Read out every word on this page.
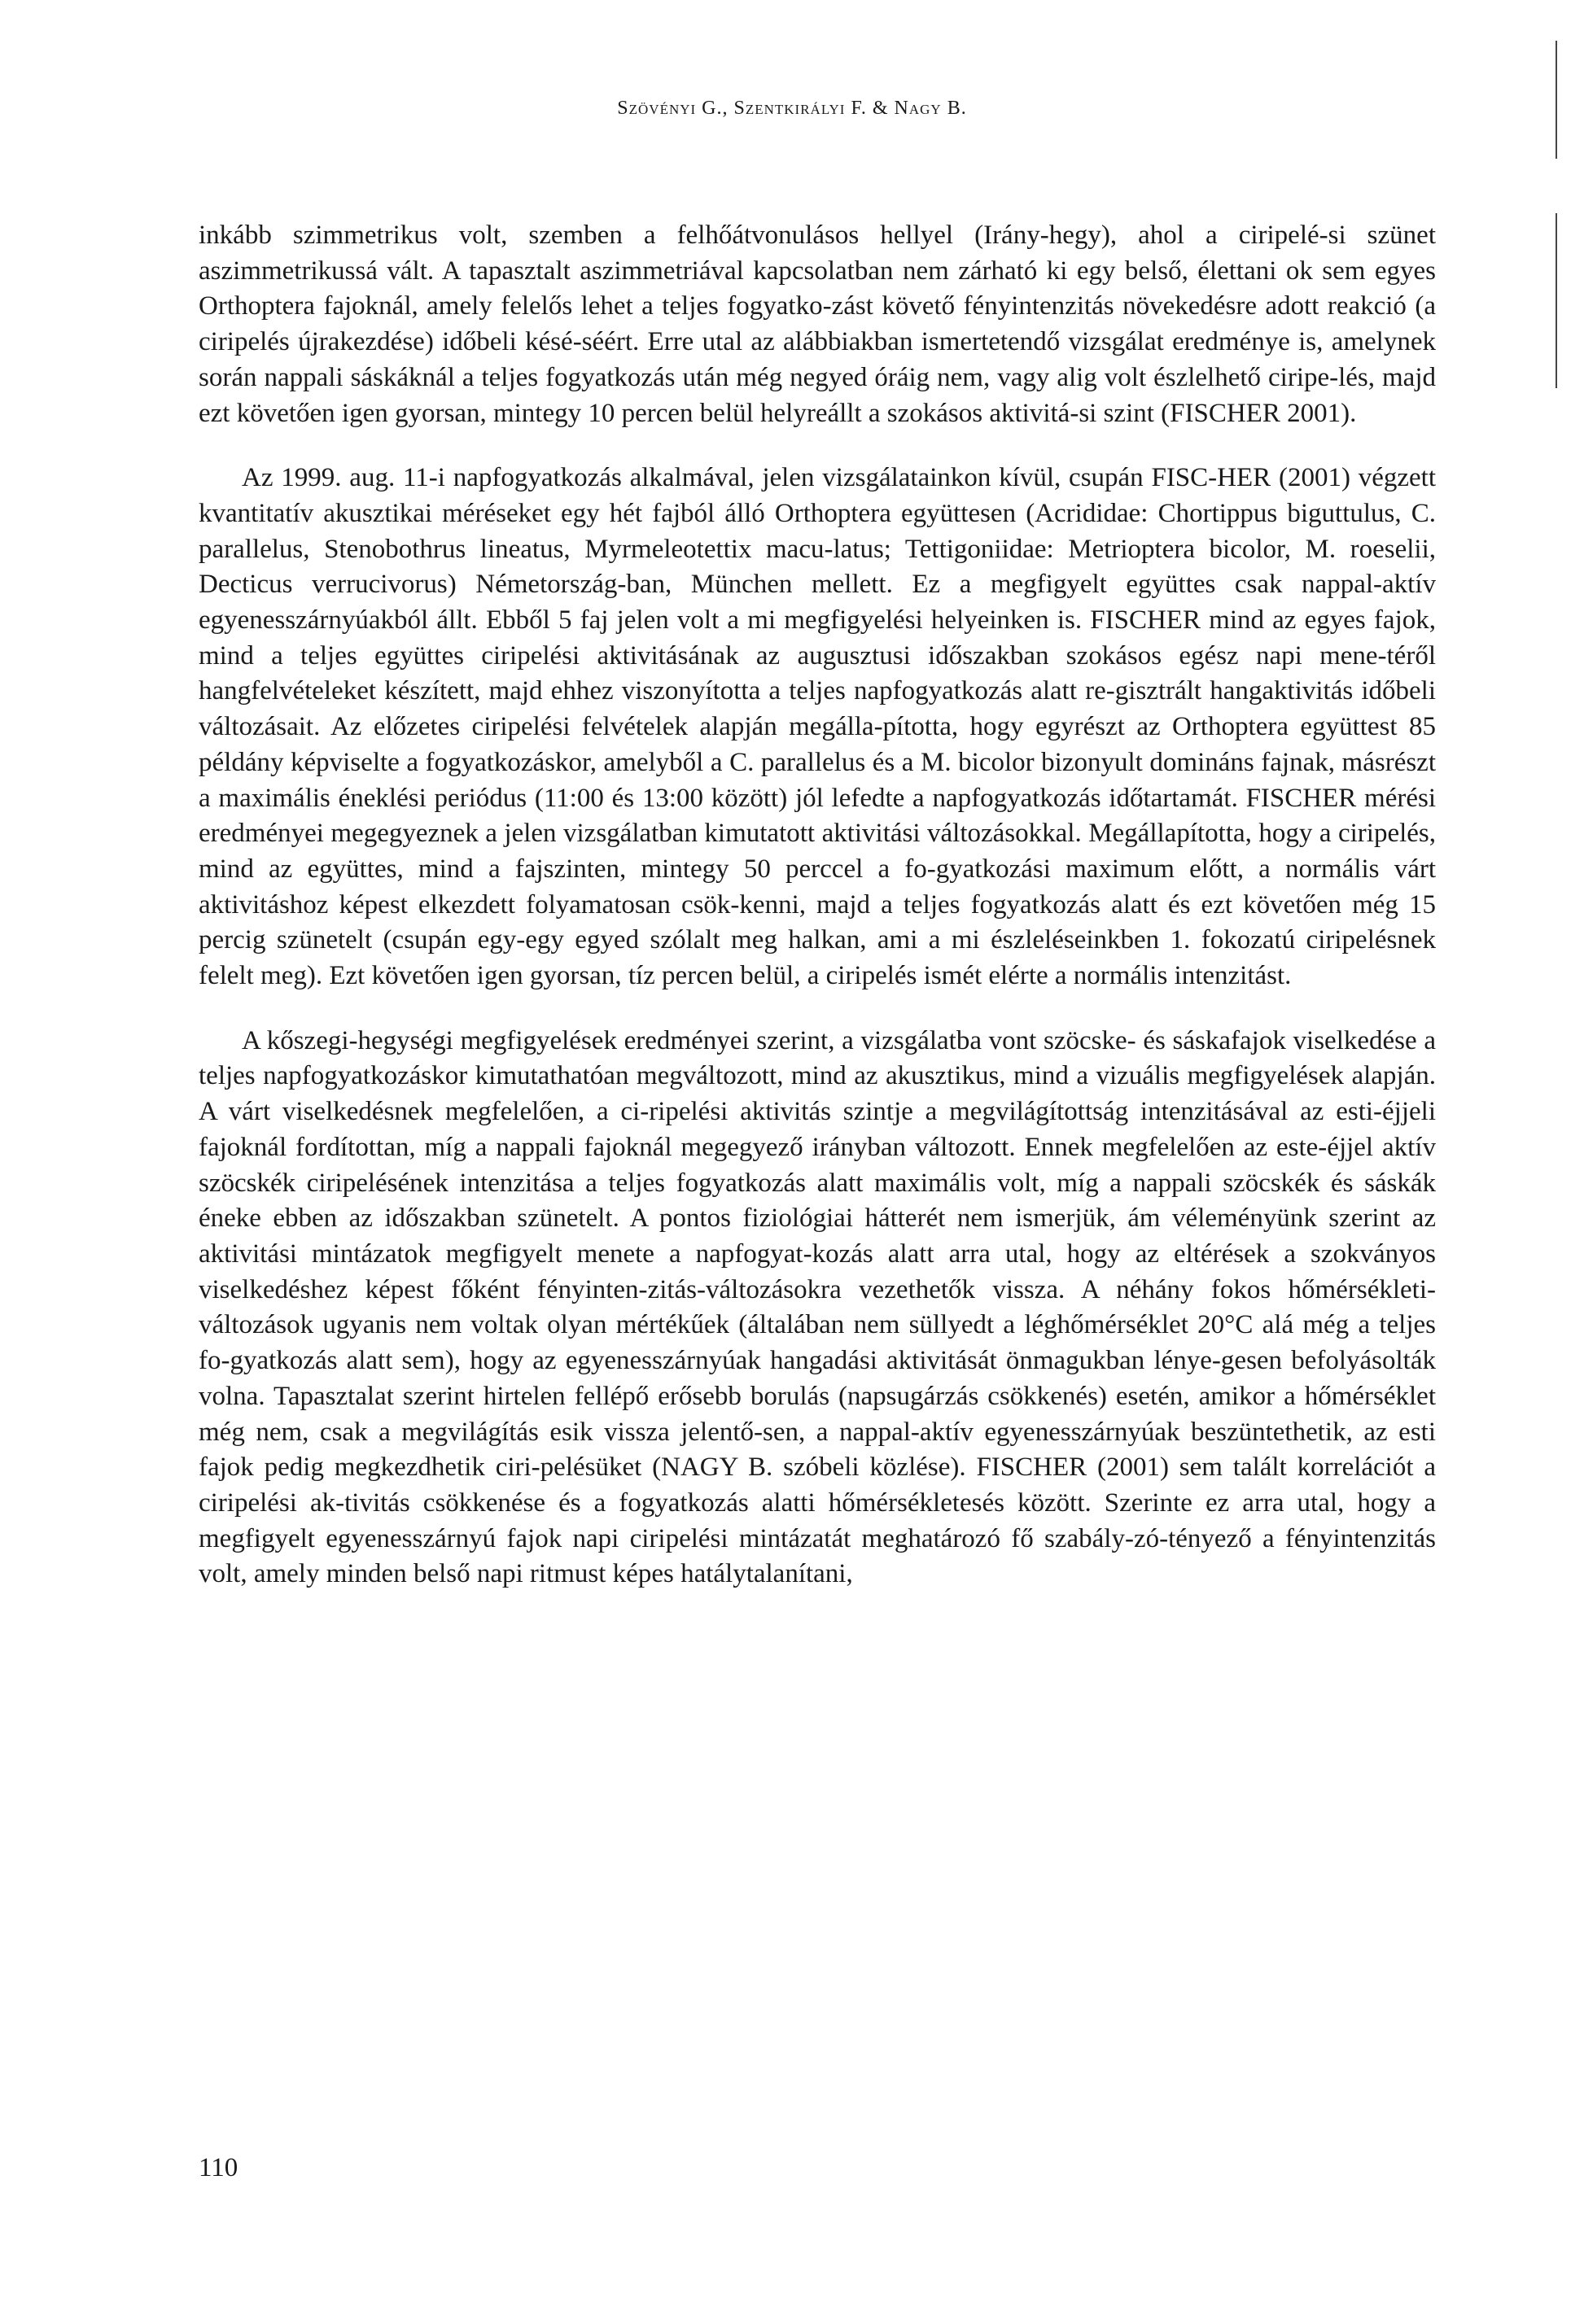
Szövényi G., Szentkirályi F. & Nagy B.

inkább szimmetrikus volt, szemben a felhőátvonulásos hellyel (Irány-hegy), ahol a ciripelé-si szünet aszimmetrikussá vált. A tapasztalt aszimmetriával kapcsolatban nem zárható ki egy belső, élettani ok sem egyes Orthoptera fajoknál, amely felelős lehet a teljes fogyatko-zást követő fényintenzitás növekedésre adott reakció (a ciripelés újrakezdése) időbeli késé-séért. Erre utal az alábbiakban ismertetendő vizsgálat eredménye is, amelynek során nappali sáskáknál a teljes fogyatkozás után még negyed óráig nem, vagy alig volt észlelhető ciripe-lés, majd ezt követően igen gyorsan, mintegy 10 percen belül helyreállt a szokásos aktivitá-si szint (FISCHER 2001).

Az 1999. aug. 11-i napfogyatkozás alkalmával, jelen vizsgálatainkon kívül, csupán FISC-HER (2001) végzett kvantitatív akusztikai méréseket egy hét fajból álló Orthoptera együttesen (Acrididae: Chortippus biguttulus, C. parallelus, Stenobothrus lineatus, Myrmeleotettix macu-latus; Tettigoniidae: Metrioptera bicolor, M. roeselii, Decticus verrucivorus) Németország-ban, München mellett. Ez a megfigyelt együttes csak nappal-aktív egyenesszárnyúakból állt. Ebből 5 faj jelen volt a mi megfigyelési helyeinken is. FISCHER mind az egyes fajok, mind a teljes együttes ciripelési aktivitásának az augusztusi időszakban szokásos egész napi mene-téről hangfelvételeket készített, majd ehhez viszonyította a teljes napfogyatkozás alatt re-gisztrált hangaktivitás időbeli változásait. Az előzetes ciripelési felvételek alapján megálla-pította, hogy egyrészt az Orthoptera együttest 85 példány képviselte a fogyatkozáskor, amelyből a C. parallelus és a M. bicolor bizonyult domináns fajnak, másrészt a maximális éneklési periódus (11:00 és 13:00 között) jól lefedte a napfogyatkozás időtartamát. FISCHER mérési eredményei megegyeznek a jelen vizsgálatban kimutatott aktivitási változásokkal. Megállapította, hogy a ciripelés, mind az együttes, mind a fajszinten, mintegy 50 perccel a fo-gyatkozási maximum előtt, a normális várt aktivitáshoz képest elkezdett folyamatosan csök-kenni, majd a teljes fogyatkozás alatt és ezt követően még 15 percig szünetelt (csupán egy-egy egyed szólalt meg halkan, ami a mi észleléseinkben 1. fokozatú ciripelésnek felelt meg). Ezt követően igen gyorsan, tíz percen belül, a ciripelés ismét elérte a normális intenzitást.

A kőszegi-hegységi megfigyelések eredményei szerint, a vizsgálatba vont szöcske- és sáskafajok viselkedése a teljes napfogyatkozáskor kimutathatóan megváltozott, mind az akusztikus, mind a vizuális megfigyelések alapján. A várt viselkedésnek megfelelően, a ci-ripelési aktivitás szintje a megvilágítottság intenzitásával az esti-éjjeli fajoknál fordítottan, míg a nappali fajoknál megegyező irányban változott. Ennek megfelelően az este-éjjel aktív szöcskék ciripelésének intenzitása a teljes fogyatkozás alatt maximális volt, míg a nappali szöcskék és sáskák éneke ebben az időszakban szünetelt. A pontos fiziológiai hátterét nem ismerjük, ám véleményünk szerint az aktivitási mintázatok megfigyelt menete a napfogyat-kozás alatt arra utal, hogy az eltérések a szokványos viselkedéshez képest főként fényinten-zitás-változásokra vezethetők vissza. A néhány fokos hőmérsékleti-változások ugyanis nem voltak olyan mértékűek (általában nem süllyedt a léghőmérséklet 20°C alá még a teljes fo-gyatkozás alatt sem), hogy az egyenesszárnyúak hangadási aktivitását önmagukban lénye-gesen befolyásolták volna. Tapasztalat szerint hirtelen fellépő erősebb borulás (napsugárzás csökkenés) esetén, amikor a hőmérséklet még nem, csak a megvilágítás esik vissza jelentő-sen, a nappal-aktív egyenesszárnyúak beszüntethetik, az esti fajok pedig megkezdhetik ciri-pelésüket (NAGY B. szóbeli közlése). FISCHER (2001) sem talált korrelációt a ciripelési ak-tivitás csökkenése és a fogyatkozás alatti hőmérsékletesés között. Szerinte ez arra utal, hogy a megfigyelt egyenesszárnyú fajok napi ciripelési mintázatát meghatározó fő szabály-zó-tényező a fényintenzitás volt, amely minden belső napi ritmust képes hatálytalanítani,

110
